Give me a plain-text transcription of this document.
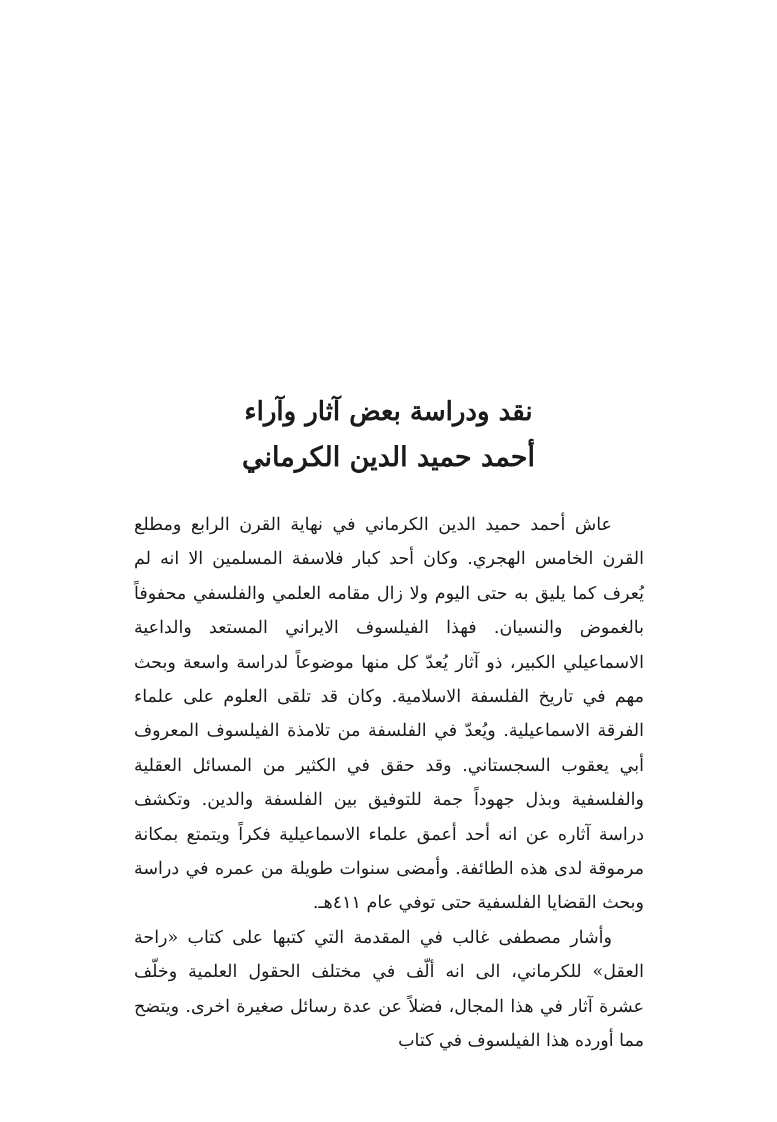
نقد ودراسة بعض آثار وآراء
أحمد حميد الدين الكرماني

عاش أحمد حميد الدين الكرماني في نهاية القرن الرابع ومطلع القرن الخامس الهجري. وكان أحد كبار فلاسفة المسلمين الا انه لم يُعرف كما يليق به حتى اليوم ولا زال مقامه العلمي والفلسفي محفوفاً بالغموض والنسيان. فهذا الفيلسوف الايراني المستعد والداعية الاسماعيلي الكبير، ذو آثار يُعدّ كل منها موضوعاً لدراسة واسعة وبحث مهم في تاريخ الفلسفة الاسلامية. وكان قد تلقى العلوم على علماء الفرقة الاسماعيلية. ويُعدّ في الفلسفة من تلامذة الفيلسوف المعروف أبي يعقوب السجستاني. وقد حقق في الكثير من المسائل العقلية والفلسفية وبذل جهوداً جمة للتوفيق بين الفلسفة والدين. وتكشف دراسة آثاره عن انه أحد أعمق علماء الاسماعيلية فكراً ويتمتع بمكانة مرموقة لدى هذه الطائفة. وأمضى سنوات طويلة من عمره في دراسة وبحث القضايا الفلسفية حتى توفي عام ٤١١هـ.

وأشار مصطفى غالب في المقدمة التي كتبها على كتاب «راحة العقل» للكرماني، الى انه ألّف في مختلف الحقول العلمية وخلّف عشرة آثار في هذا المجال، فضلاً عن عدة رسائل صغيرة اخرى. ويتضح مما أورده هذا الفيلسوف في كتاب
